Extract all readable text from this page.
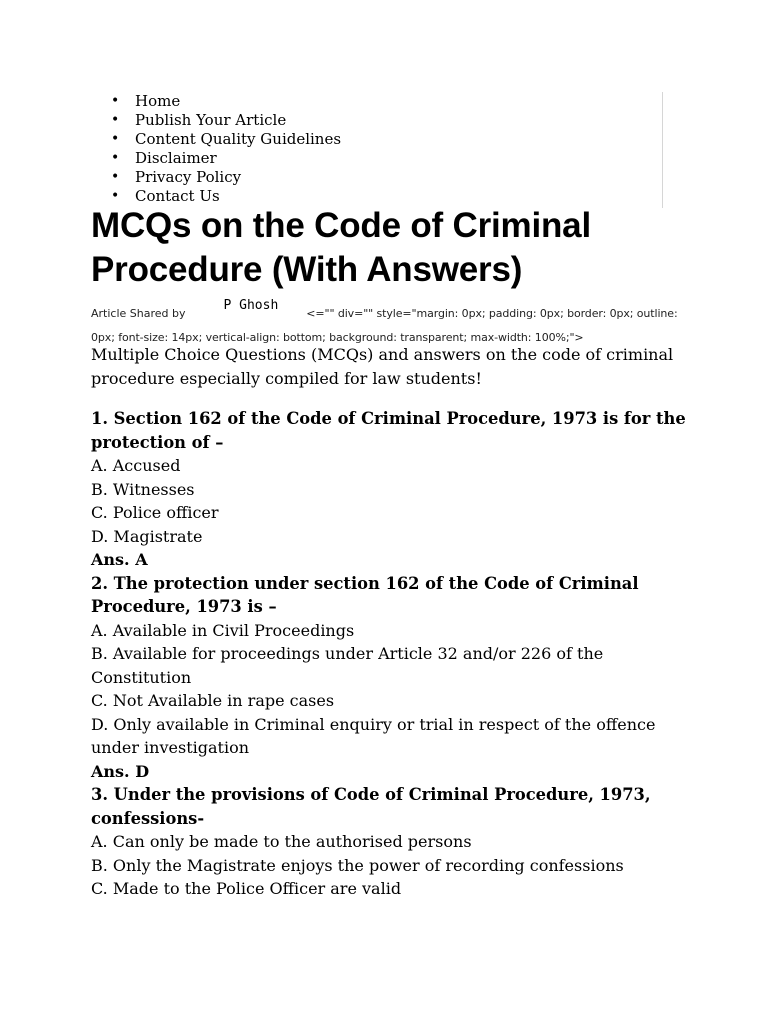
• Home
• Publish Your Article
• Content Quality Guidelines
• Disclaimer
• Privacy Policy
• Contact Us
MCQs on the Code of Criminal Procedure (With Answers)
Article Shared byP Ghosh<="" div="" style="margin: 0px; padding: 0px; border: 0px; outline: 0px; font-size: 14px; vertical-align: bottom; background: transparent; max-width: 100%;">

Multiple Choice Questions (MCQs) and answers on the code of criminal procedure especially compiled for law students!

1. Section 162 of the Code of Criminal Procedure, 1973 is for the protection of –

A. Accused

B. Witnesses

C. Police officer

D. Magistrate

Ans. A

2. The protection under section 162 of the Code of Criminal Procedure, 1973 is –

A. Available in Civil Proceedings

B. Available for proceedings under Article 32 and/or 226 of the Constitution

C. Not Available in rape cases

D. Only available in Criminal enquiry or trial in respect of the offence under investigation

Ans. D

3. Under the provisions of Code of Criminal Procedure, 1973, confessions-

A. Can only be made to the authorised persons

B. Only the Magistrate enjoys the power of recording confessions

C. Made to the Police Officer are valid
